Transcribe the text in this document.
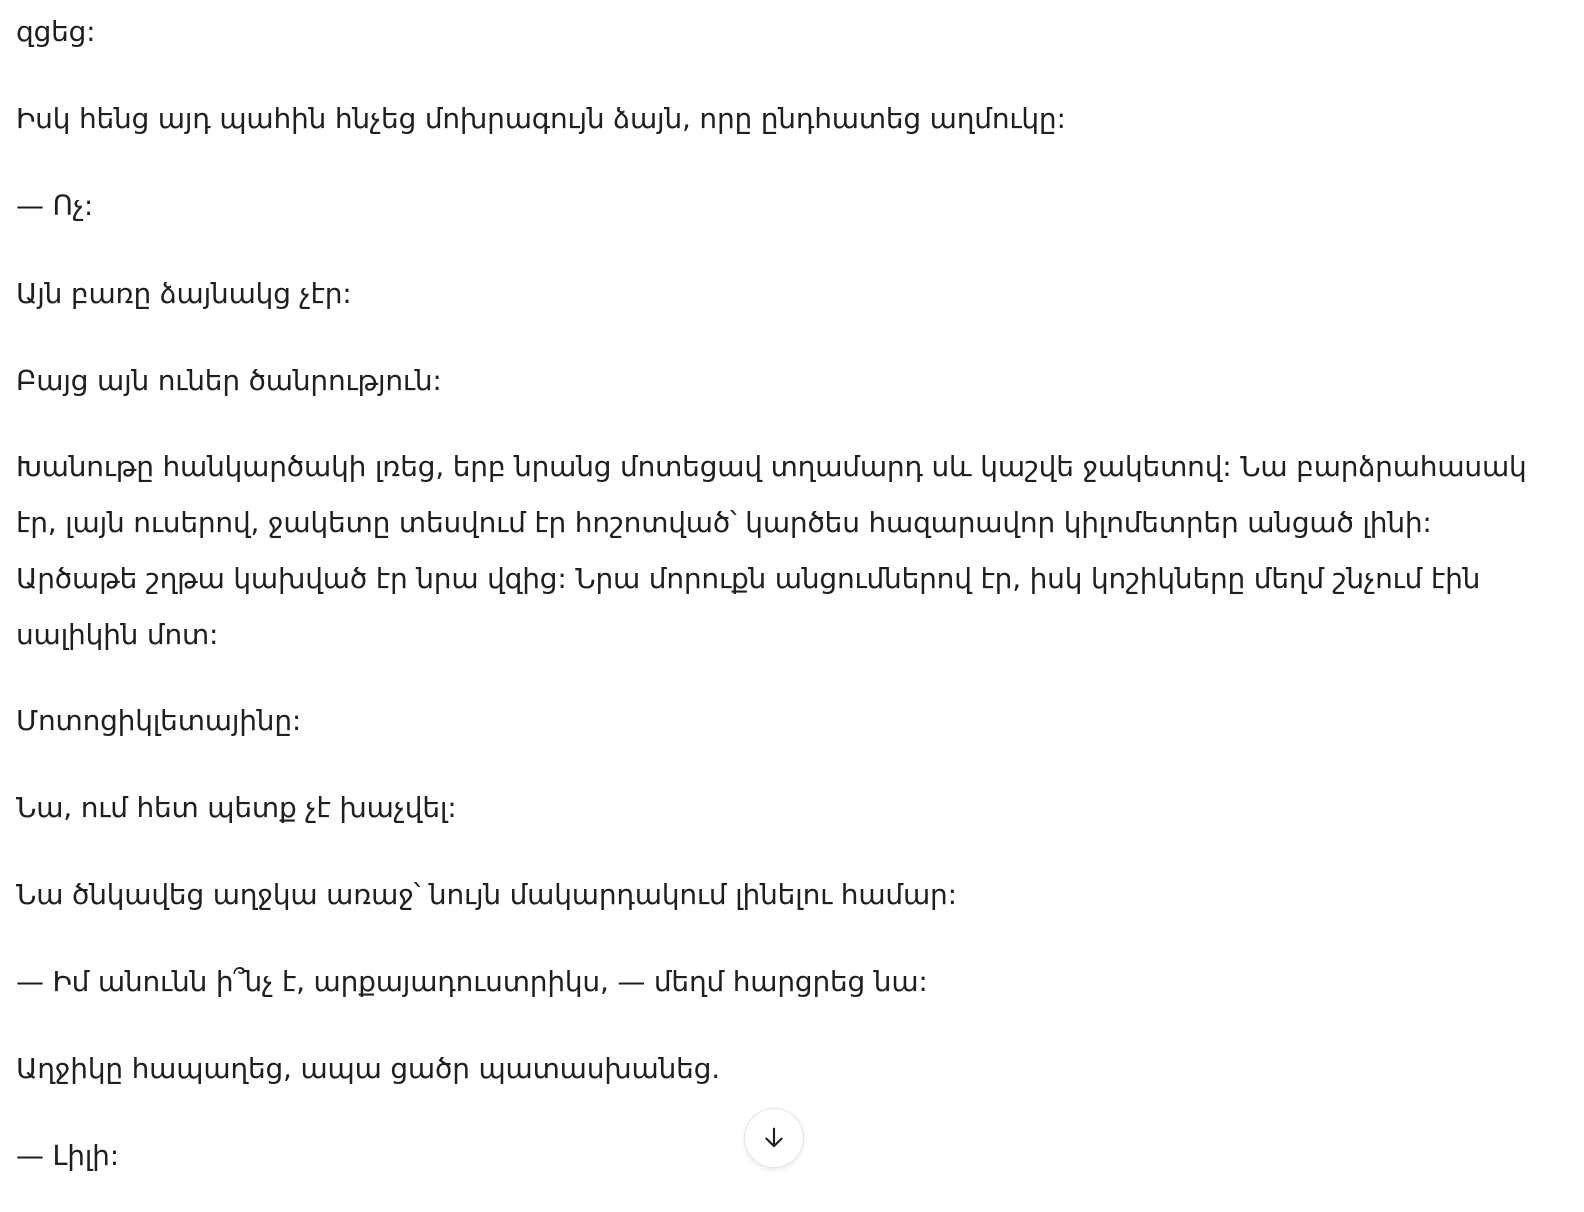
զցեց:

Իսկ հենց այդ պահին հնչեց մոխրագույն ձայն, որը ընդհատեց աղմուկը:

— Ոչ:

Այն բառը ձայնակց չէր:

Բայց այն ուներ ծանրություն:

Խանութը հանկարծակի լռեց, երբ նրանց մոտեցավ տղամարդ սև կաշվե ջակետով: Նա բարձրահասակ էր, լայն ուսերով, ջակետը տեսվում էր հոշոտված՝ կարծես հազարավոր կիլոմետրեր անցած լինի: Արծաթե շղթա կախված էր նրա վզից: Նրա մորուքն անցումներով էր, իսկ կոշիկները մեղմ շնչում էին սալիկին մոտ:

Մոտոցիկլետայինը:

Նա, ում հետ պետք չէ խաչվել:

Նա ծնկավեց աղջկա առաջ՝ նույն մակարդակում լինելու համար:

— Իմ անունն ի՞նչ է, արքայադուստրիկս, — մեղմ հարցրեց նա:

Աղջիկը հապաղեց, ապա ցածր պատասխանեց.

— Լիլի:
